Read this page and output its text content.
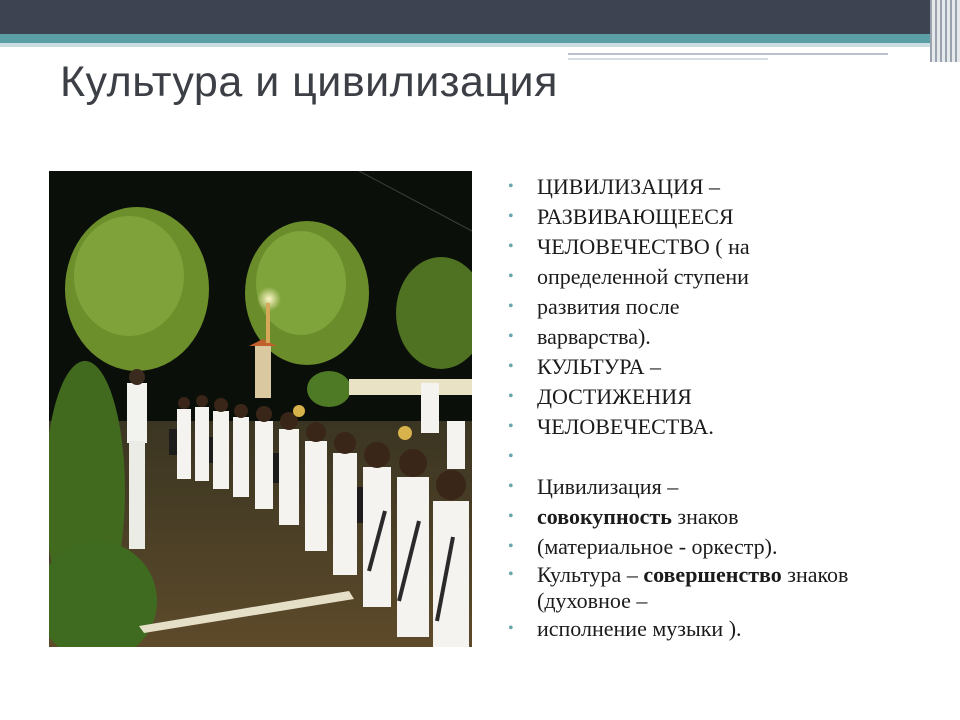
Культура и цивилизация
• ЦИВИЛИЗАЦИЯ –
• РАЗВИВАЮЩЕЕСЯ
• ЧЕЛОВЕЧЕСТВО ( на
• определенной ступени
• развития после
• варварства).
• КУЛЬТУРА –
• ДОСТИЖЕНИЯ
• ЧЕЛОВЕЧЕСТВА.
•
• Цивилизация –
• совокупность знаков
• (материальное - оркестр).
• Культура – совершенство знаков (духовное –
• исполнение музыки ).
